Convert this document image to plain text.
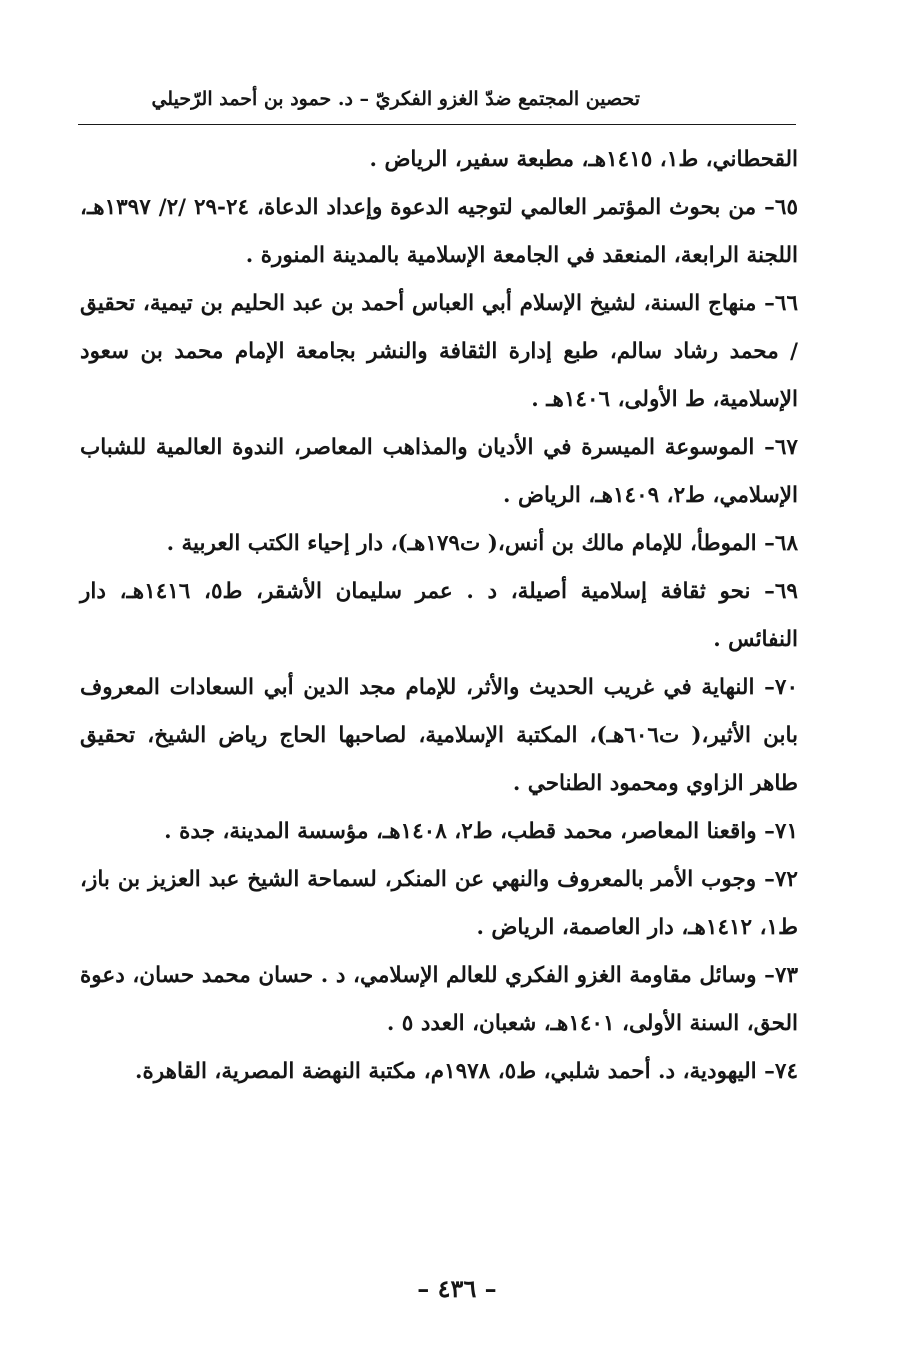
تحصين المجتمع ضدّ الغزو الفكريّ – د. حمود بن أحمد الرّحيلي

القحطاني، ط١، ١٤١٥هـ، مطبعة سفير، الرياض .

٦٥– من بحوث المؤتمر العالمي لتوجيه الدعوة وإعداد الدعاة، ٢٤-٢٩ /٢/ ١٣٩٧هـ، اللجنة الرابعة، المنعقد في الجامعة الإسلامية بالمدينة المنورة .

٦٦– منهاج السنة، لشيخ الإسلام أبي العباس أحمد بن عبد الحليم بن تيمية، تحقيق / محمد رشاد سالم، طبع إدارة الثقافة والنشر بجامعة الإمام محمد بن سعود الإسلامية، ط الأولى، ١٤٠٦هـ .

٦٧– الموسوعة الميسرة في الأديان والمذاهب المعاصر، الندوة العالمية للشباب الإسلامي، ط٢، ١٤٠٩هـ، الرياض .

٦٨– الموطأ، للإمام مالك بن أنس،( ت١٧٩هـ)، دار إحياء الكتب العربية .

٦٩– نحو ثقافة إسلامية أصيلة، د . عمر سليمان الأشقر، ط٥، ١٤١٦هـ، دار النفائس .

٧٠– النهاية في غريب الحديث والأثر، للإمام مجد الدين أبي السعادات المعروف بابن الأثير،( ت٦٠٦هـ)، المكتبة الإسلامية، لصاحبها الحاج رياض الشيخ، تحقيق طاهر الزاوي ومحمود الطناحي .

٧١– واقعنا المعاصر، محمد قطب، ط٢، ١٤٠٨هـ، مؤسسة المدينة، جدة .

٧٢– وجوب الأمر بالمعروف والنهي عن المنكر، لسماحة الشيخ عبد العزيز بن باز، ط١، ١٤١٢هـ، دار العاصمة، الرياض .

٧٣– وسائل مقاومة الغزو الفكري للعالم الإسلامي، د . حسان محمد حسان، دعوة الحق، السنة الأولى، ١٤٠١هـ، شعبان، العدد ٥ .

٧٤– اليهودية، د. أحمد شلبي، ط٥، ١٩٧٨م، مكتبة النهضة المصرية، القاهرة.

– ٤٣٦ –
